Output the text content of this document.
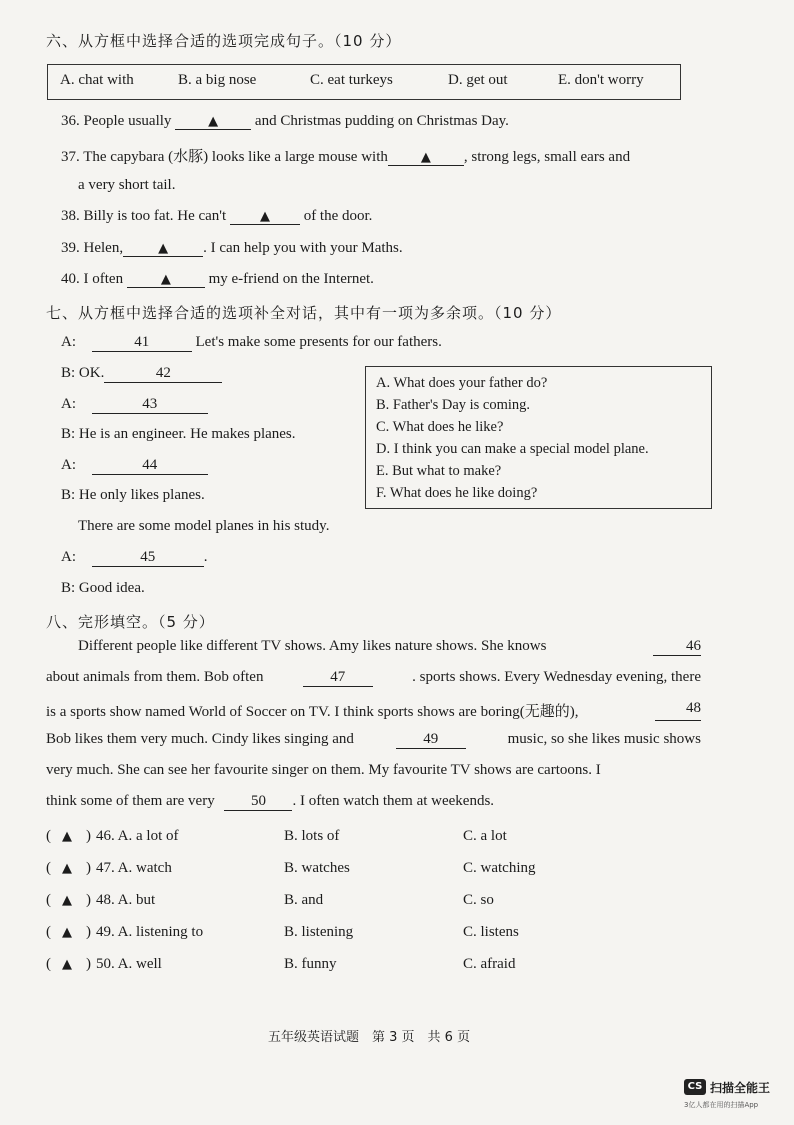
六、从方框中选择合适的选项完成句子。（10 分）
A. chat with	B. a big nose	C. eat turkeys	D. get out	E. don't worry
36. People usually	▲ and Christmas pudding on Christmas Day.
37. The capybara (水豚) looks like a large mouse with	▲ , strong legs, small ears and
a very short tail.
38. Billy is too fat. He can't	▲ of the door.
39. Helen,	▲ . I can help you with your Maths.
40. I often	▲	my e-friend on the Internet.
七、从方框中选择合适的选项补全对话，其中有一项为多余项。（10 分）
A:	41	Let's make some presents for our fathers.
B: OK.	42
A:	43
B: He is an engineer. He makes planes.
A:	44
B: He only likes planes.
There are some model planes in his study.
A:	45	.
B: Good idea.
A. What does your father do?
B. Father's Day is coming.
C. What does he like?
D. I think you can make a special model plane.
E. But what to make?
F. What does he like doing?
八、完形填空。（5 分）
Different people like different TV shows. Amy likes nature shows. She knows	46
about animals from them. Bob often	47	. sports shows. Every Wednesday evening, there
is a sports show named World of Soccer on TV. I think sports shows are boring(无趣的),	48
Bob likes them very much. Cindy likes singing and	49	music, so she likes music shows
very much. She can see her favourite singer on them. My favourite TV shows are cartoons. I
think some of them are very 50 . I often watch them at weekends.
( ▲ ) 46. A. a lot of	B. lots of	C. a lot
( ▲ ) 47. A. watch	B. watches	C. watching
( ▲ ) 48. A. but	B. and	C. so
( ▲ ) 49. A. listening to	B. listening	C. listens
( ▲ ) 50. A. well	B. funny	C. afraid
五年级英语试题　第 3 页　共 6 页
CS 扫描全能王
3亿人都在用的扫描App
